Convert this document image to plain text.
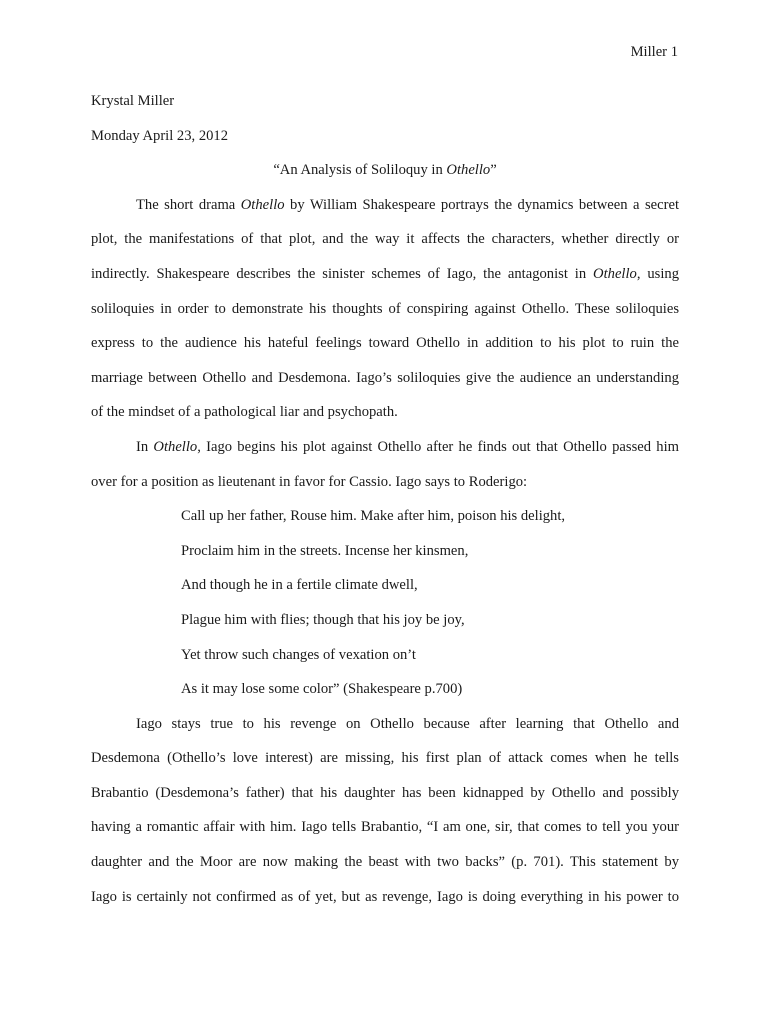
Miller 1
Krystal Miller
Monday April 23, 2012
“An Analysis of Soliloquy in Othello”
The short drama Othello by William Shakespeare portrays the dynamics between a secret
plot, the manifestations of that plot, and the way it affects the characters, whether directly or
indirectly. Shakespeare describes the sinister schemes of Iago, the antagonist in Othello, using
soliloquies in order to demonstrate his thoughts of conspiring against Othello. These soliloquies
express to the audience his hateful feelings toward Othello in addition to his plot to ruin the
marriage between Othello and Desdemona. Iago’s soliloquies give the audience an understanding
of the mindset of a pathological liar and psychopath.
In Othello, Iago begins his plot against Othello after he finds out that Othello passed him
over for a position as lieutenant in favor for Cassio. Iago says to Roderigo:
Call up her father, Rouse him. Make after him, poison his delight,
Proclaim him in the streets. Incense her kinsmen,
And though he in a fertile climate dwell,
Plague him with flies; though that his joy be joy,
Yet throw such changes of vexation on’t
As it may lose some color” (Shakespeare p.700)
Iago stays true to his revenge on Othello because after learning that Othello and
Desdemona (Othello’s love interest) are missing, his first plan of attack comes when he tells
Brabantio (Desdemona’s father) that his daughter has been kidnapped by Othello and possibly
having a romantic affair with him. Iago tells Brabantio, “I am one, sir, that comes to tell you your
daughter and the Moor are now making the beast with two backs” (p. 701). This statement by
Iago is certainly not confirmed as of yet, but as revenge, Iago is doing everything in his power to
